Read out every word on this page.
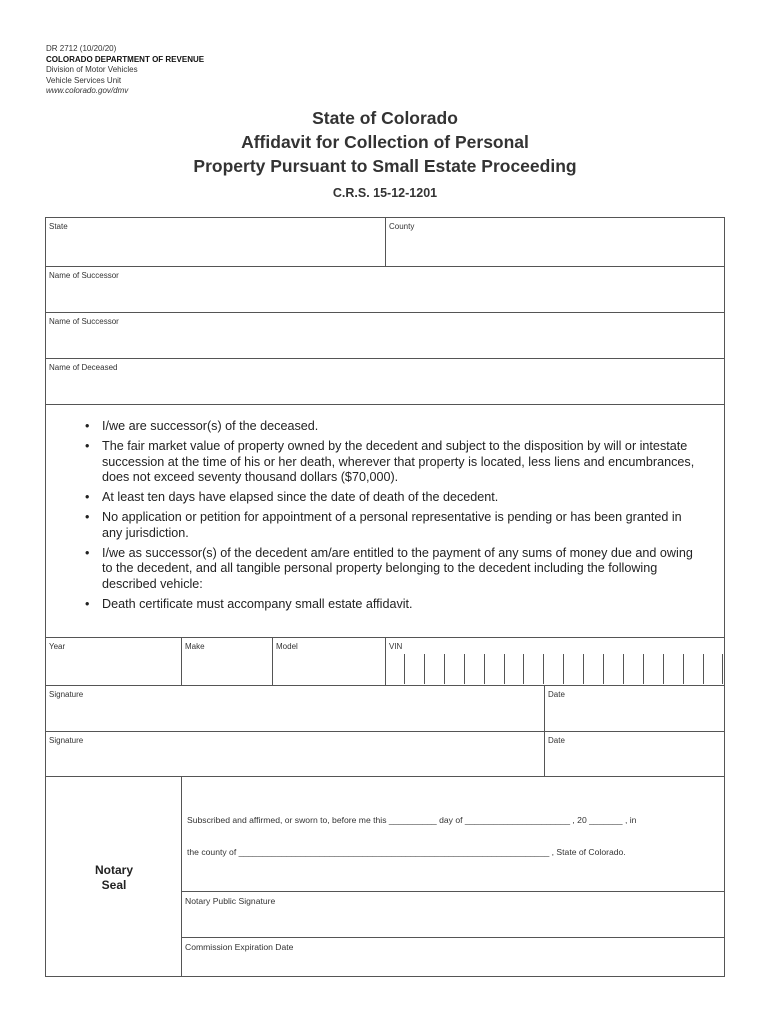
DR 2712 (10/20/20)
COLORADO DEPARTMENT OF REVENUE
Division of Motor Vehicles
Vehicle Services Unit
www.colorado.gov/dmv
State of Colorado
Affidavit for Collection of Personal
Property Pursuant to Small Estate Proceeding
C.R.S. 15-12-1201
State	County
Name of Successor
Name of Successor
Name of Deceased
• I/we are successor(s) of the deceased.
• The fair market value of property owned by the decedent and subject to the disposition by will or intestate succession at the time of his or her death, wherever that property is located, less liens and encumbrances, does not exceed seventy thousand dollars ($70,000).
• At least ten days have elapsed since the date of death of the decedent.
• No application or petition for appointment of a personal representative is pending or has been granted in any jurisdiction.
• I/we as successor(s) of the decedent am/are entitled to the payment of any sums of money due and owing to the decedent, and all tangible personal property belonging to the decedent including the following described vehicle:
• Death certificate must accompany small estate affidavit.
Year	Make	Model	VIN
Signature	Date
Signature	Date
Notary
Seal
Subscribed and affirmed, or sworn to, before me this __________ day of ______________________ , 20 _______ , in
the county of _________________________________________________________________ , State of Colorado.
Notary Public Signature
Commission Expiration Date
